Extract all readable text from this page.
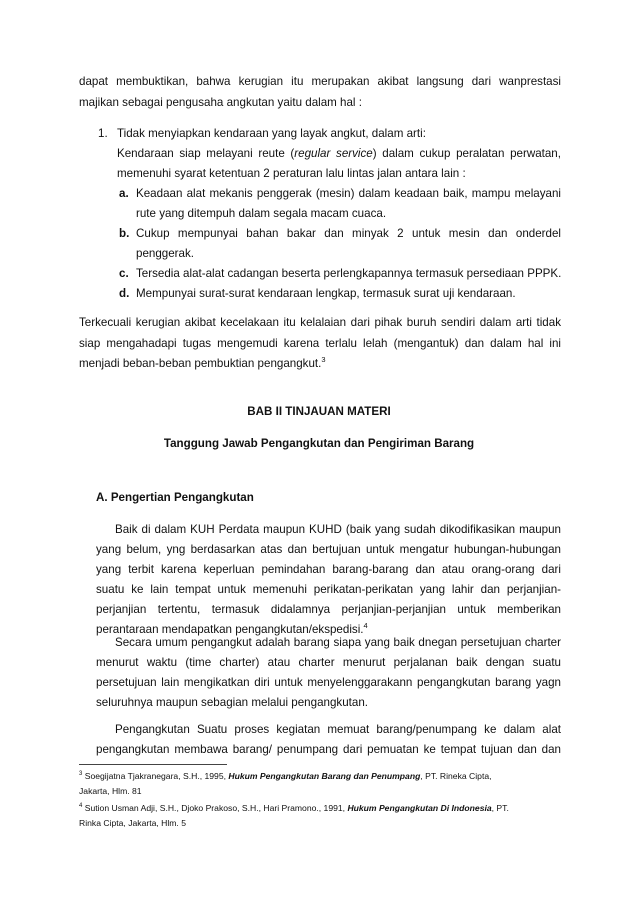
dapat membuktikan, bahwa kerugian itu merupakan akibat langsung dari wanprestasi
majikan sebagai pengusaha angkutan yaitu dalam hal :
1. Tidak menyiapkan kendaraan yang layak angkut, dalam arti:
Kendaraan siap melayani reute (regular service) dalam cukup peralatan perwatan,
memenuhi syarat ketentuan 2 peraturan lalu lintas jalan antara lain :
a. Keadaan alat mekanis penggerak (mesin) dalam keadaan baik, mampu melayani
rute yang ditempuh dalam segala macam cuaca.
b. Cukup mempunyai bahan bakar dan minyak 2 untuk mesin dan onderdel
penggerak.
c. Tersedia alat-alat cadangan beserta perlengkapannya termasuk persediaan PPPK.
d. Mempunyai surat-surat kendaraan lengkap, termasuk surat uji kendaraan.
Terkecuali kerugian akibat kecelakaan itu kelalaian dari pihak buruh sendiri dalam arti tidak
siap mengahadapi tugas mengemudi karena terlalu lelah (mengantuk) dan dalam hal ini
menjadi beban-beban pembuktian pengangkut.$^3$
BAB II TINJAUAN MATERI
Tanggung Jawab Pengangkutan dan Pengiriman Barang
A. Pengertian Pengangkutan
Baik di dalam KUH Perdata maupun KUHD (baik yang sudah dikodifikasikan maupun
yang belum, yng berdasarkan atas dan bertujuan untuk mengatur hubungan-hubungan
yang terbit karena keperluan pemindahan barang-barang dan atau orang-orang dari
suatu ke lain tempat untuk memenuhi perikatan-perikatan yang lahir dan perjanjian-
perjanjian tertentu, termasuk didalamnya perjanjian-perjanjian untuk memberikan
perantaraan mendapatkan pengangkutan/ekspedisi.$^4$
Secara umum pengangkut adalah barang siapa yang baik dnegan persetujuan charter
menurut waktu (time charter) atau charter menurut perjalanan baik dengan suatu
persetujuan lain mengikatkan diri untuk menyelenggarakann pengangkutan barang yagn
seluruhnya maupun sebagian melalui pengangkutan.
Pengangkutan Suatu proses kegiatan memuat barang/penumpang ke dalam alat
pengangkutan membawa barang/ penumpang dari pemuatan ke tempat tujuan dan dan
$^3$ Soegijatna Tjakranegara, S.H., 1995, Hukum Pengangkutan Barang dan Penumpang, PT. Rineka Cipta,
Jakarta, Hlm. 81
$^4$ Sution Usman Adji, S.H., Djoko Prakoso, S.H., Hari Pramono., 1991, Hukum Pengangkutan Di Indonesia, PT.
Rinka Cipta, Jakarta, Hlm. 5
